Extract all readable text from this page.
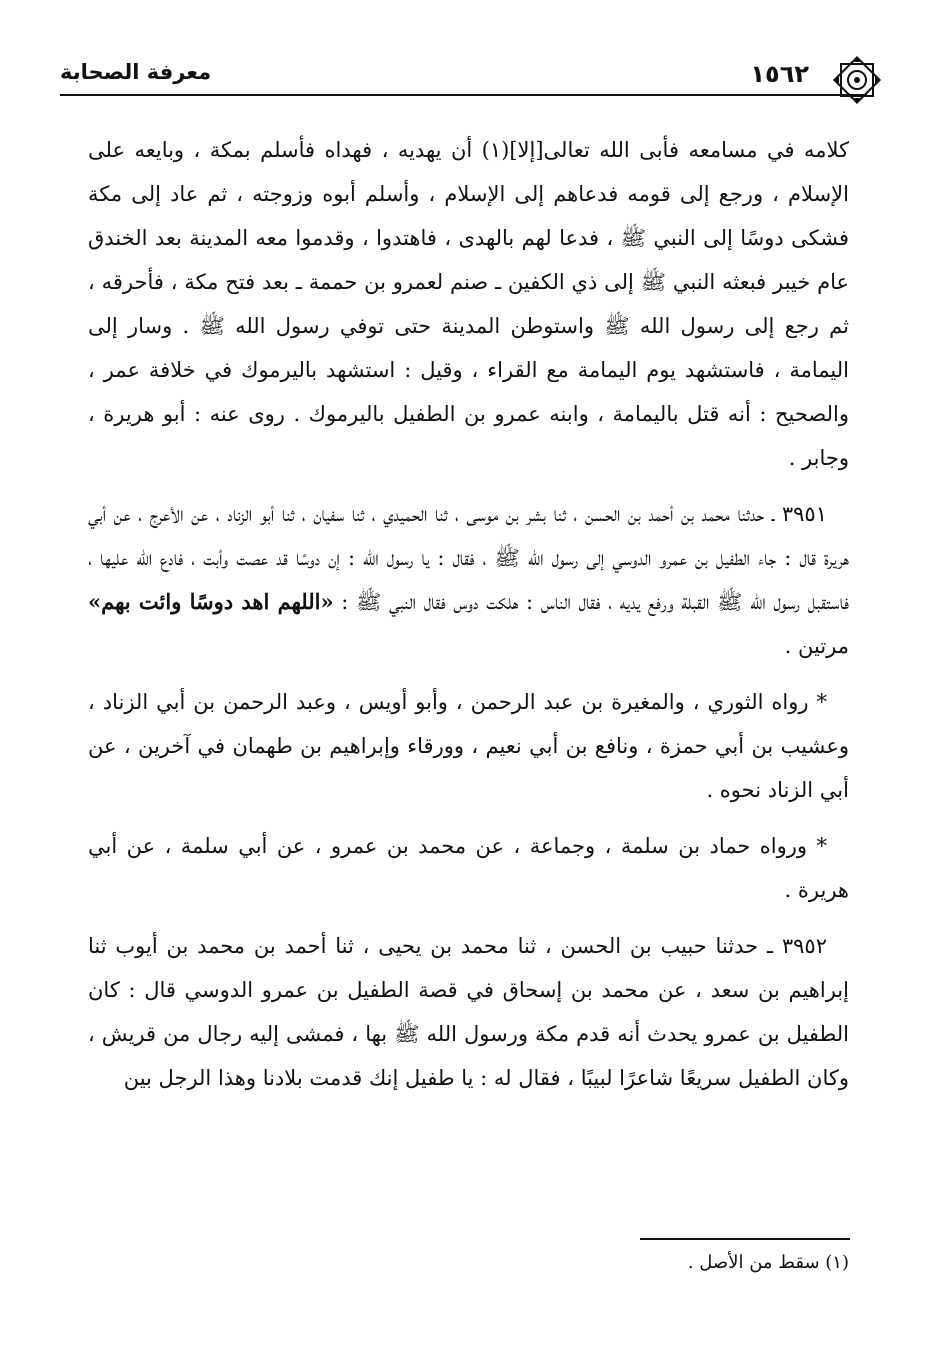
١٥٦٢
معرفة الصحابة

كلامه في مسامعه فأبى الله تعالى[إلا](١) أن يهديه ، فهداه فأسلم بمكة ، وبايعه على الإسلام ، ورجع إلى قومه فدعاهم إلى الإسلام ، وأسلم أبوه وزوجته ، ثم عاد إلى مكة فشكى دوسًا إلى النبي ﷺ ، فدعا لهم بالهدى ، فاهتدوا ، وقدموا معه المدينة بعد الخندق عام خيبر فبعثه النبي ﷺ إلى ذي الكفين ـ صنم لعمرو بن حممة ـ بعد فتح مكة ، فأحرقه ، ثم رجع إلى رسول الله ﷺ واستوطن المدينة حتى توفي رسول الله ﷺ . وسار إلى اليمامة ، فاستشهد يوم اليمامة مع القراء ، وقيل : استشهد باليرموك في خلافة عمر ، والصحيح : أنه قتل باليمامة ، وابنه عمرو بن الطفيل باليرموك . روى عنه : أبو هريرة ، وجابر .

٣٩٥١ ـ حدثنا محمد بن أحمد بن الحسن ، ثنا بشر بن موسى ، ثنا الحميدي ، ثنا سفيان ، ثنا أبو الزناد ، عن الأعرج ، عن أبي هريرة قال : جاء الطفيل بن عمرو الدوسي إلى رسول الله ﷺ ، فقال : يا رسول الله : إن دوسًا قد عصت وأبت ، فادع الله عليها ، فاستقبل رسول الله ﷺ القبلة ورفع يديه ، فقال الناس : هلكت دوس فقال النبي ﷺ : «اللهم اهد دوسًا وائت بهم» مرتين .

* رواه الثوري ، والمغيرة بن عبد الرحمن ، وأبو أويس ، وعبد الرحمن بن أبي الزناد ، وعشيب بن أبي حمزة ، ونافع بن أبي نعيم ، وورقاء وإبراهيم بن طهمان في آخرين ، عن أبي الزناد نحوه .

* ورواه حماد بن سلمة ، وجماعة ، عن محمد بن عمرو ، عن أبي سلمة ، عن أبي هريرة .

٣٩٥٢ ـ حدثنا حبيب بن الحسن ، ثنا محمد بن يحيى ، ثنا أحمد بن محمد بن أيوب ثنا إبراهيم بن سعد ، عن محمد بن إسحاق في قصة الطفيل بن عمرو الدوسي قال : كان الطفيل بن عمرو يحدث أنه قدم مكة ورسول الله ﷺ بها ، فمشى إليه رجال من قريش ، وكان الطفيل سريعًا شاعرًا لبيبًا ، فقال له : يا طفيل إنك قدمت بلادنا وهذا الرجل بين

(١) سقط من الأصل .
